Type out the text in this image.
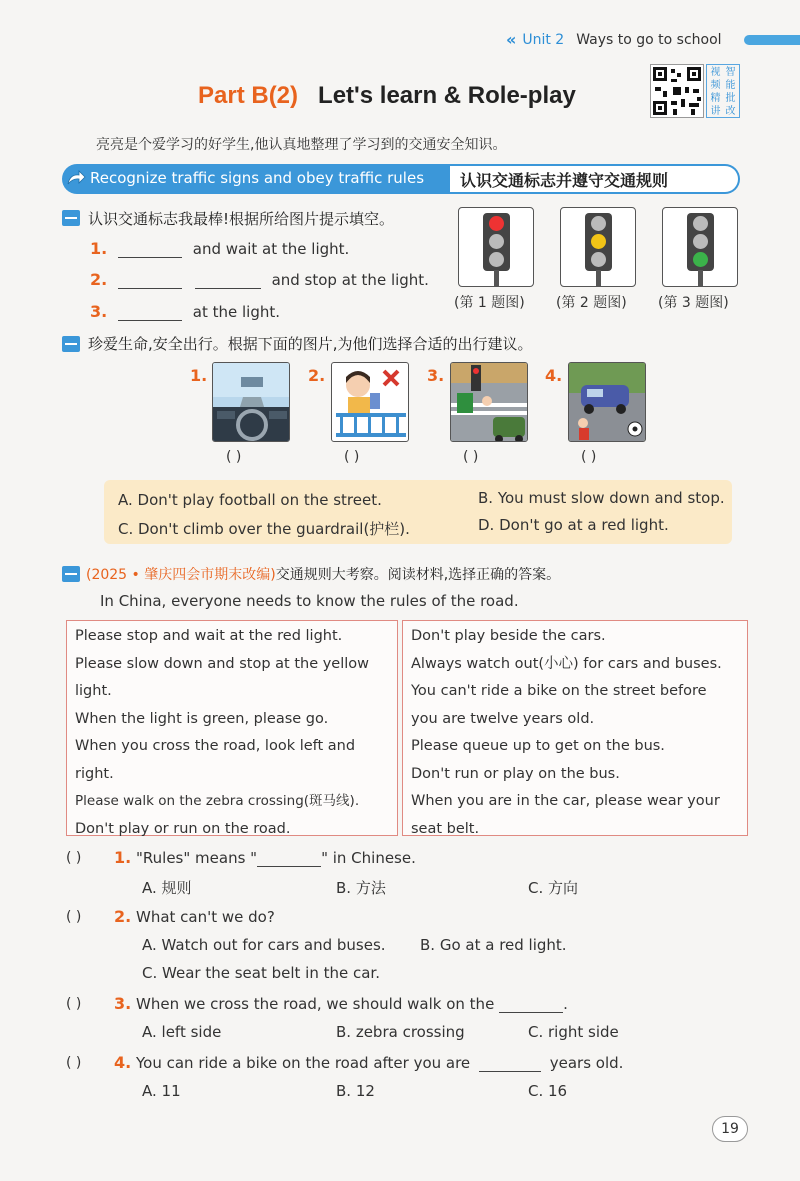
« Unit 2 Ways to go to school
Part B(2) Let's learn & Role-play
视 智
频 能
精 批
讲 改
亮亮是个爱学习的好学生,他认真地整理了学习到的交通安全知识。
Recognize traffic signs and obey traffic rules 认识交通标志并遵守交通规则
认识交通标志我最棒!根据所给图片提示填空。
1.	and wait at the light.
2.	and stop at the light.
3.	at the light.	(第 1 题图) (第 2 题图) (第 3 题图)
珍爱生命,安全出行。根据下面的图片,为他们选择合适的出行建议。
1.	2.	3.	4.
( )	( )	( )	( )
A. Don't play football on the street.	B. You must slow down and stop.
C. Don't climb over the guardrail(护栏).	D. Don't go at a red light.
(2025 • 肇庆四会市期末改编)交通规则大考察。阅读材料,选择正确的答案。
In China, everyone needs to know the rules of the road.
Please stop and wait at the red light.
Please slow down and stop at the yellow
light.
When the light is green, please go.
When you cross the road, look left and
right.
Please walk on the zebra crossing(斑马线).
Don't play or run on the road.
Don't play beside the cars.
Always watch out(小心) for cars and buses.
You can't ride a bike on the street before
you are twelve years old.
Please queue up to get on the bus.
Don't run or play on the bus.
When you are in the car, please wear your
seat belt.
( ) 1. "Rules" means "	" in Chinese.
A. 规则	B. 方法	C. 方向
( ) 2. What can't we do?
A. Watch out for cars and buses. B. Go at a red light.
C. Wear the seat belt in the car.
( ) 3. When we cross the road, we should walk on the	.
A. left side	B. zebra crossing	C. right side
( ) 4. You can ride a bike on the road after you are	years old.
A. 11	B. 12	C. 16
19
